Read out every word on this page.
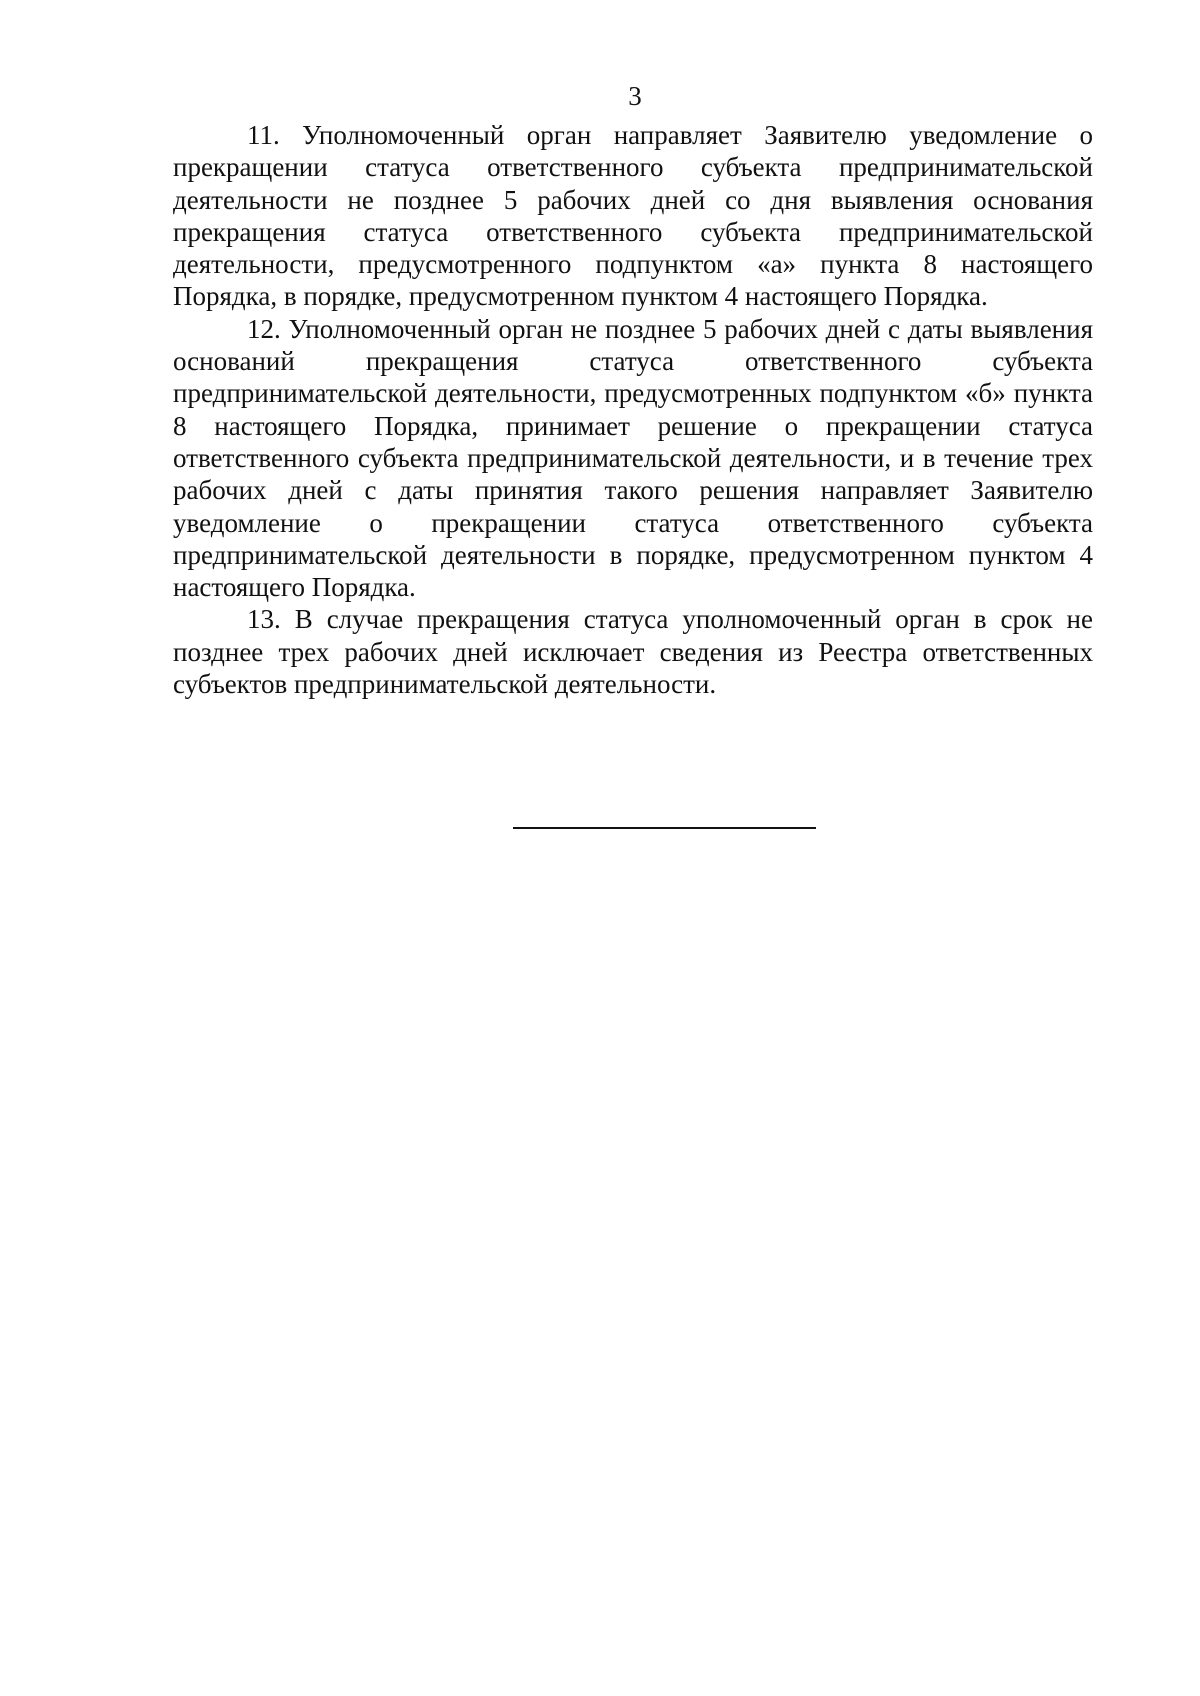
3

11. Уполномоченный орган направляет Заявителю уведомление о прекращении статуса ответственного субъекта предпринимательской деятельности не позднее 5 рабочих дней со дня выявления основания прекращения статуса ответственного субъекта предпринимательской деятельности, предусмотренного подпунктом «а» пункта 8 настоящего Порядка, в порядке, предусмотренном пунктом 4 настоящего Порядка.

12. Уполномоченный орган не позднее 5 рабочих дней с даты выявления оснований прекращения статуса ответственного субъекта предпринимательской деятельности, предусмотренных подпунктом «б» пункта 8 настоящего Порядка, принимает решение о прекращении статуса ответственного субъекта предпринимательской деятельности, и в течение трех рабочих дней с даты принятия такого решения направляет Заявителю уведомление о прекращении статуса ответственного субъекта предпринимательской деятельности в порядке, предусмотренном пунктом 4 настоящего Порядка.

13. В случае прекращения статуса уполномоченный орган в срок не позднее трех рабочих дней исключает сведения из Реестра ответственных субъектов предпринимательской деятельности.
